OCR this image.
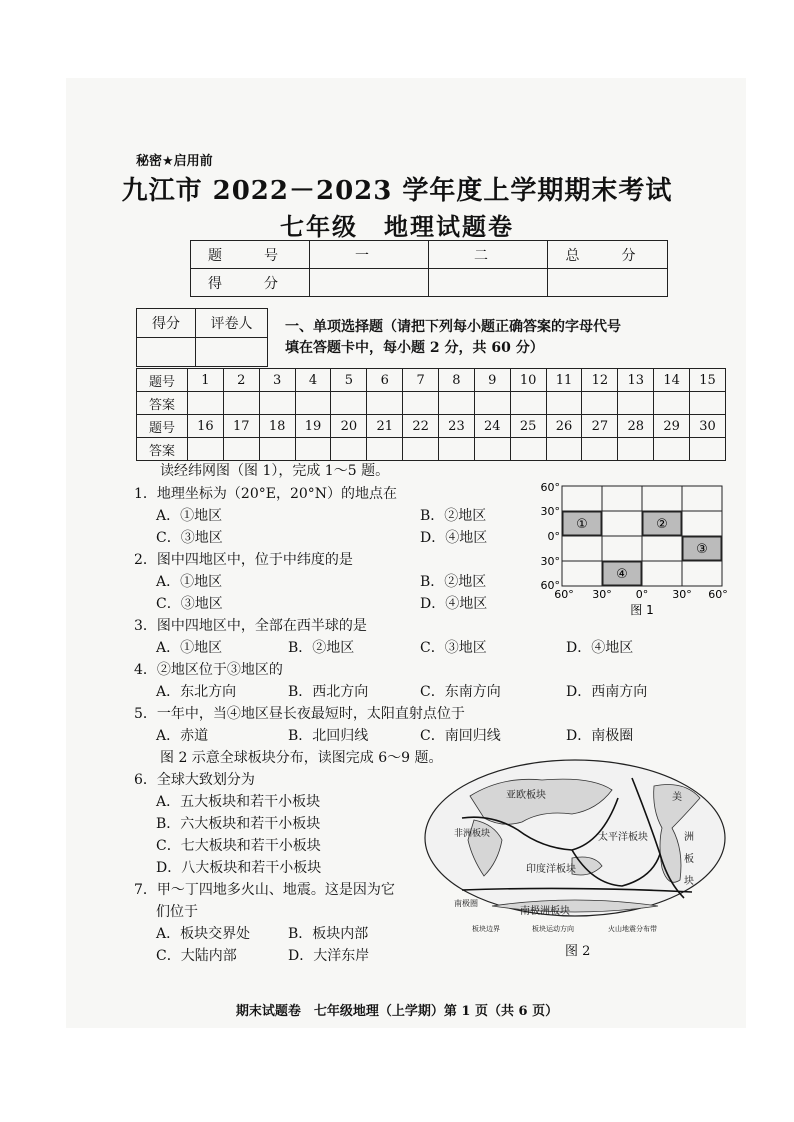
秘密★启用前
九江市 2022－2023 学年度上学期期末考试
七年级　地理试题卷
题　号	一	二	总　分
得　分			
得分	评卷人
	一、单项选择题（请把下列每小题正确答案的字母代号填在答题卡中，每小题 2 分，共 60 分）
题号	1	2	3	4	5	6	7	8	9	10	11	12	13	14	15
答案															
题号	16	17	18	19	20	21	22	23	24	25	26	27	28	29	30
答案															
读经纬网图（图 1），完成 1～5 题。
1．地理坐标为（20°E，20°N）的地点在
A．①地区	B．②地区
C．③地区	D．④地区
2．图中四地区中，位于中纬度的是
A．①地区	B．②地区
C．③地区	D．④地区
3．图中四地区中，全部在西半球的是
A．①地区	B．②地区	C．③地区	D．④地区
4．②地区位于③地区的
A．东北方向	B．西北方向	C．东南方向	D．西南方向
5．一年中，当④地区昼长夜最短时，太阳直射点位于
A．赤道	B．北回归线	C．南回归线	D．南极圈
图 2 示意全球板块分布，读图完成 6～9 题。
6．全球大致划分为
A．五大板块和若干小板块
B．六大板块和若干小板块
C．七大板块和若干小板块
D．八大板块和若干小板块
7．甲～丁四地多火山、地震。这是因为它
们位于
A．板块交界处	B．板块内部
C．大陆内部	D．大洋东岸
①	②
③
④
60°
30°
0°
30°
60°
60° 30° 0° 30° 60°
图 1
亚欧板块
非洲板块	太平洋板块
印度洋板块
南极洲板块
美
洲
板
块
南极圈
板块边界	板块运动方向	火山地震分布带
图 2
期末试题卷　七年级地理（上学期）第 1 页（共 6 页）
